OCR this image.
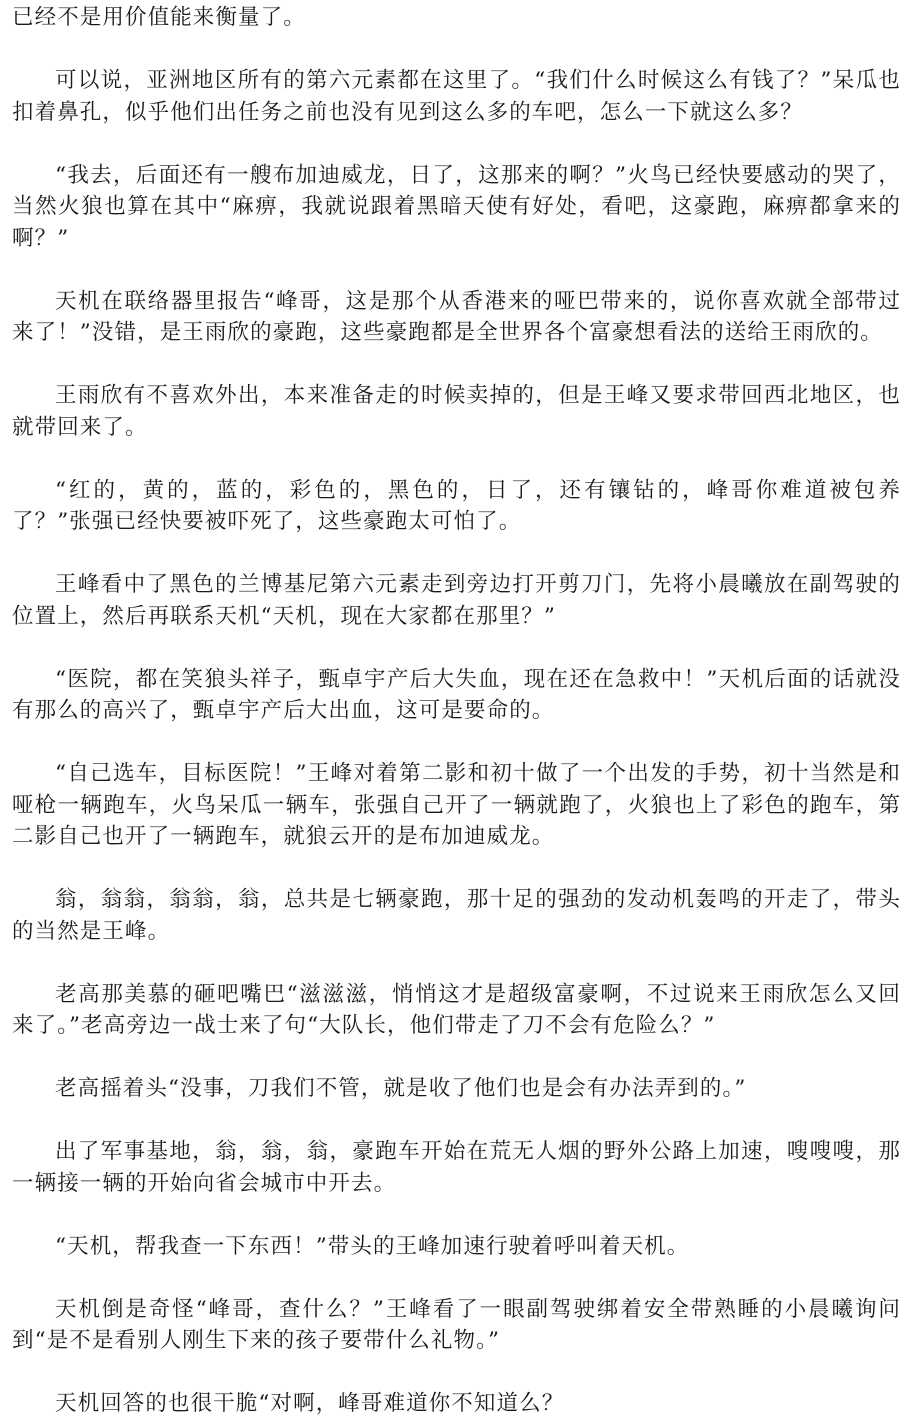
已经不是用价值能来衡量了。

可以说，亚洲地区所有的第六元素都在这里了。“我们什么时候这么有钱了？”呆瓜也扣着鼻孔，似乎他们出任务之前也没有见到这么多的车吧，怎么一下就这么多？

“我去，后面还有一艘布加迪威龙，日了，这那来的啊？”火鸟已经快要感动的哭了，当然火狼也算在其中“麻痹，我就说跟着黑暗天使有好处，看吧，这豪跑，麻痹都拿来的啊？”

天机在联络器里报告“峰哥，这是那个从香港来的哑巴带来的，说你喜欢就全部带过来了！”没错，是王雨欣的豪跑，这些豪跑都是全世界各个富豪想看法的送给王雨欣的。

王雨欣有不喜欢外出，本来准备走的时候卖掉的，但是王峰又要求带回西北地区，也就带回来了。

“红的，黄的，蓝的，彩色的，黑色的，日了，还有镶钻的，峰哥你难道被包养了？”张强已经快要被吓死了，这些豪跑太可怕了。

王峰看中了黑色的兰博基尼第六元素走到旁边打开剪刀门，先将小晨曦放在副驾驶的位置上，然后再联系天机“天机，现在大家都在那里？”

“医院，都在笑狼头祥子，甄卓宇产后大失血，现在还在急救中！”天机后面的话就没有那么的高兴了，甄卓宇产后大出血，这可是要命的。

“自己选车，目标医院！”王峰对着第二影和初十做了一个出发的手势，初十当然是和哑枪一辆跑车，火鸟呆瓜一辆车，张强自己开了一辆就跑了，火狼也上了彩色的跑车，第二影自己也开了一辆跑车，就狼云开的是布加迪威龙。

翁，翁翁，翁翁，翁，总共是七辆豪跑，那十足的强劲的发动机轰鸣的开走了，带头的当然是王峰。

老高那美慕的砸吧嘴巴“滋滋滋，悄悄这才是超级富豪啊，不过说来王雨欣怎么又回来了。”老高旁边一战士来了句“大队长，他们带走了刀不会有危险么？”

老高摇着头“没事，刀我们不管，就是收了他们也是会有办法弄到的。”

出了军事基地，翁，翁，翁，豪跑车开始在荒无人烟的野外公路上加速，嗖嗖嗖，那一辆接一辆的开始向省会城市中开去。

“天机，帮我查一下东西！”带头的王峰加速行驶着呼叫着天机。

天机倒是奇怪“峰哥，查什么？”王峰看了一眼副驾驶绑着安全带熟睡的小晨曦询问到“是不是看别人刚生下来的孩子要带什么礼物。”

天机回答的也很干脆“对啊，峰哥难道你不知道么？
